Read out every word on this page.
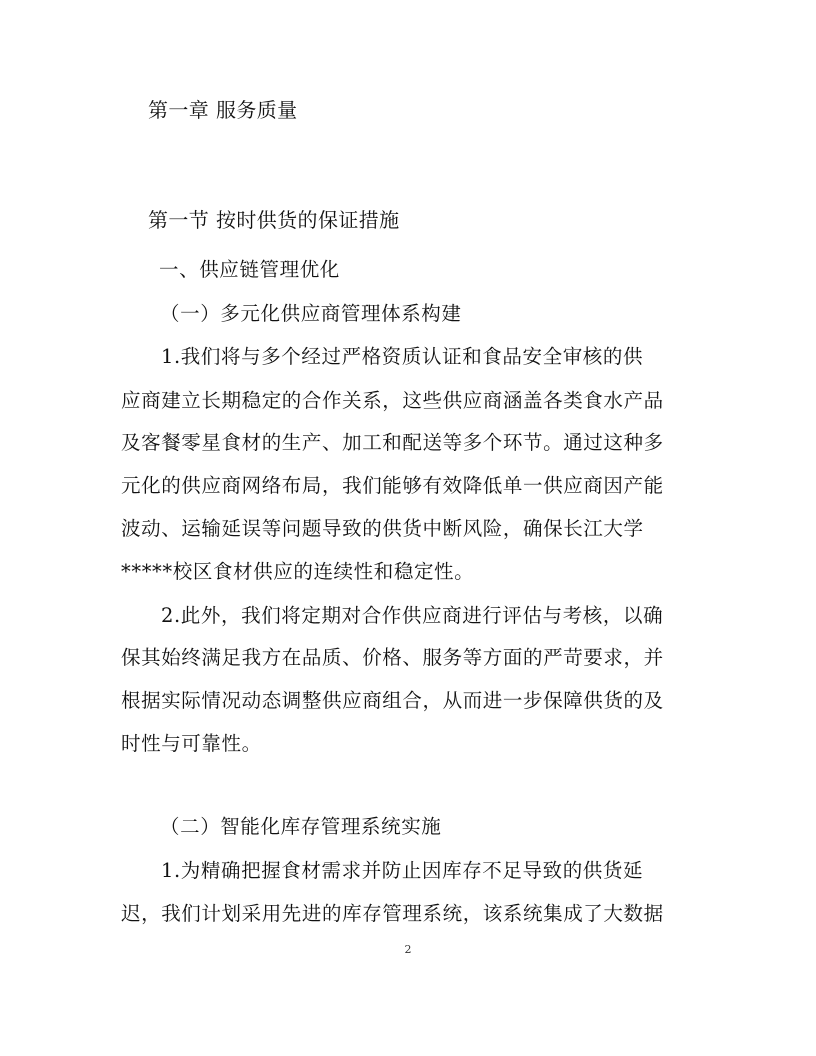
第一章 服务质量
第一节 按时供货的保证措施
一、供应链管理优化
（一）多元化供应商管理体系构建
1.我们将与多个经过严格资质认证和食品安全审核的供
应商建立长期稳定的合作关系，这些供应商涵盖各类食水产品
及客餐零星食材的生产、加工和配送等多个环节。通过这种多
元化的供应商网络布局，我们能够有效降低单一供应商因产能
波动、运输延误等问题导致的供货中断风险，确保长江大学
*****校区食材供应的连续性和稳定性。
2.此外，我们将定期对合作供应商进行评估与考核，以确
保其始终满足我方在品质、价格、服务等方面的严苛要求，并
根据实际情况动态调整供应商组合，从而进一步保障供货的及
时性与可靠性。
（二）智能化库存管理系统实施
1.为精确把握食材需求并防止因库存不足导致的供货延
迟，我们计划采用先进的库存管理系统，该系统集成了大数据
2
